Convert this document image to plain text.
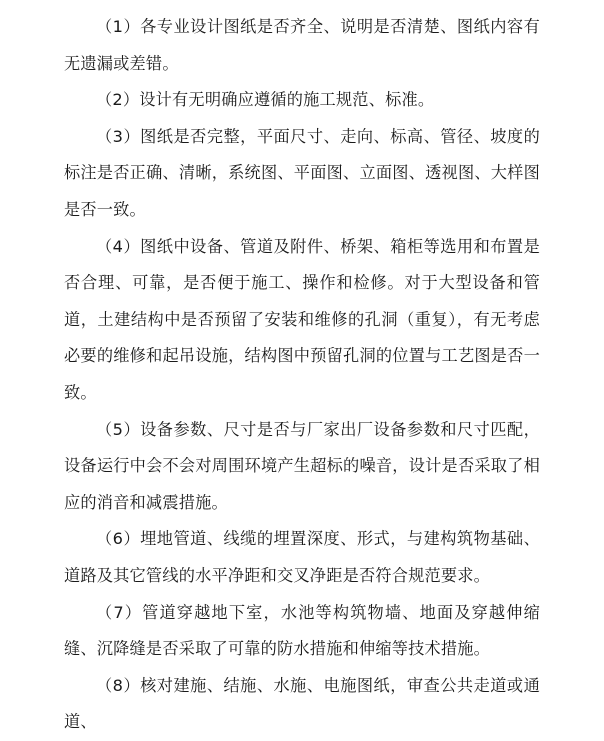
（1）各专业设计图纸是否齐全、说明是否清楚、图纸内容有无遗漏或差错。

（2）设计有无明确应遵循的施工规范、标准。

（3）图纸是否完整，平面尺寸、走向、标高、管径、坡度的标注是否正确、清晰，系统图、平面图、立面图、透视图、大样图是否一致。

（4）图纸中设备、管道及附件、桥架、箱柜等选用和布置是否合理、可靠，是否便于施工、操作和检修。对于大型设备和管道，土建结构中是否预留了安装和维修的孔洞（重复），有无考虑必要的维修和起吊设施，结构图中预留孔洞的位置与工艺图是否一致。

（5）设备参数、尺寸是否与厂家出厂设备参数和尺寸匹配，设备运行中会不会对周围环境产生超标的噪音，设计是否采取了相应的消音和减震措施。

（6）埋地管道、线缆的埋置深度、形式，与建构筑物基础、道路及其它管线的水平净距和交叉净距是否符合规范要求。

（7）管道穿越地下室，水池等构筑物墙、地面及穿越伸缩缝、沉降缝是否采取了可靠的防水措施和伸缩等技术措施。

（8）核对建施、结施、水施、电施图纸，审查公共走道或通道、
